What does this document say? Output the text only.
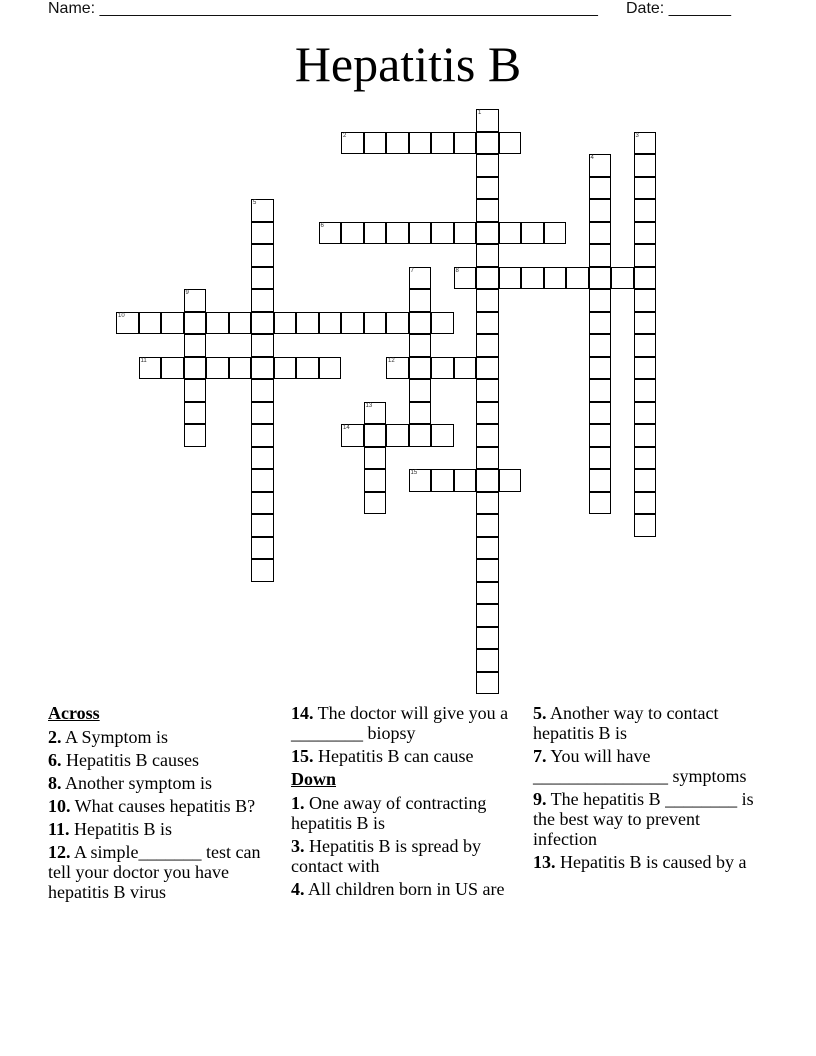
Name: ________________________________________________________ Date: _______
Hepatitis B
1
2	3
4
5
6
7	8
9
10
11	12
13
14
15
Across
2. A Symptom is
6. Hepatitis B causes
8. Another symptom is
10. What causes hepatitis B?
11. Hepatitis B is
12. A simple_______ test can tell your doctor you have hepatitis B virus
14. The doctor will give you a ________ biopsy
15. Hepatitis B can cause
Down
1. One away of contracting hepatitis B is
3. Hepatitis B is spread by contact with
4. All children born in US are
5. Another way to contact hepatitis B is
7. You will have _______________ symptoms
9. The hepatitis B ________ is the best way to prevent infection
13. Hepatitis B is caused by a
